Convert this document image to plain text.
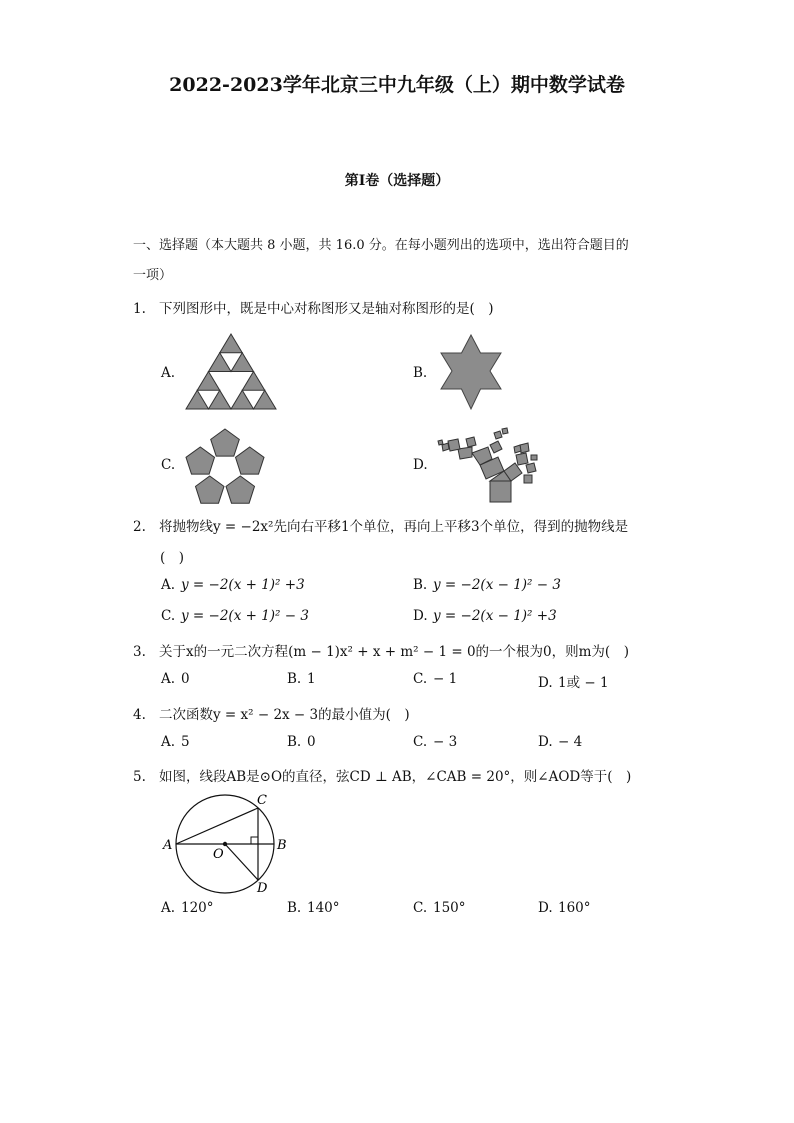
2022-2023学年北京三中九年级（上）期中数学试卷
第I卷（选择题）
一、选择题（本大题共 8 小题，共 16.0 分。在每小题列出的选项中，选出符合题目的
一项）
1. 下列图形中，既是中心对称图形又是轴对称图形的是(　)
A.	B.
C.	D.
2. 将抛物线y = −2x²先向右平移1个单位，再向上平移3个单位，得到的抛物线是
(　)
A. y = −2(x + 1)² +3	B. y = −2(x − 1)² − 3
C. y = −2(x + 1)² − 3	D. y = −2(x − 1)² +3
3. 关于x的一元二次方程(m − 1)x² + x + m² − 1 = 0的一个根为0，则m为(　)
A. 0	B. 1	C. − 1	D. 1或 − 1
4. 二次函数y = x² − 2x − 3的最小值为(　)
A. 5	B. 0	C. − 3	D. − 4
5. 如图，线段AB是⊙O的直径，弦CD ⊥ AB，∠CAB = 20°，则∠AOD等于(　)
A	B
C
D
O
A. 120°	B. 140°	C. 150°	D. 160°
